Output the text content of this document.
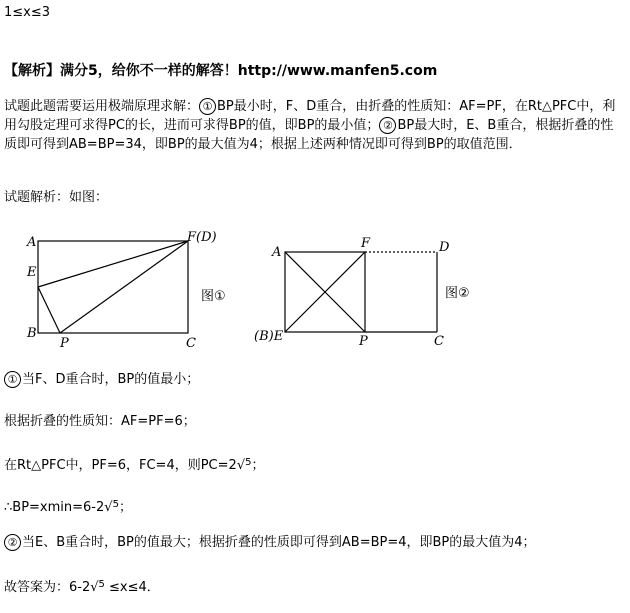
1≤x≤3
【解析】满分5，给你不一样的解答！http://www.manfen5.com
试题此题需要运用极端原理求解： ① BP最小时，F、D重合，由折叠的性质知：AF=PF，在Rt△PFC中，利用勾股定理可求得PC的长，进而可求得BP的值，即BP的最小值； ② BP最大时，E、B重合，根据折叠的性质即可得到AB=BP=34，即BP的最大值为4；根据上述两种情况即可得到BP的取值范围．
试题解析：如图：
A
E
B
P	C
F(D)
图①
A
F	D
(B)E	P	C
图②
① 当F、D重合时，BP的值最小；
根据折叠的性质知：AF=PF=6；
在Rt△PFC中，PF=6，FC=4，则PC=2√$^5$；
∴BP=xmin=6-2√$^5$；
② 当E、B重合时，BP的值最大；根据折叠的性质即可得到AB=BP=4，即BP的最大值为4；
故答案为：6-2√$^5$ ≤x≤4．
